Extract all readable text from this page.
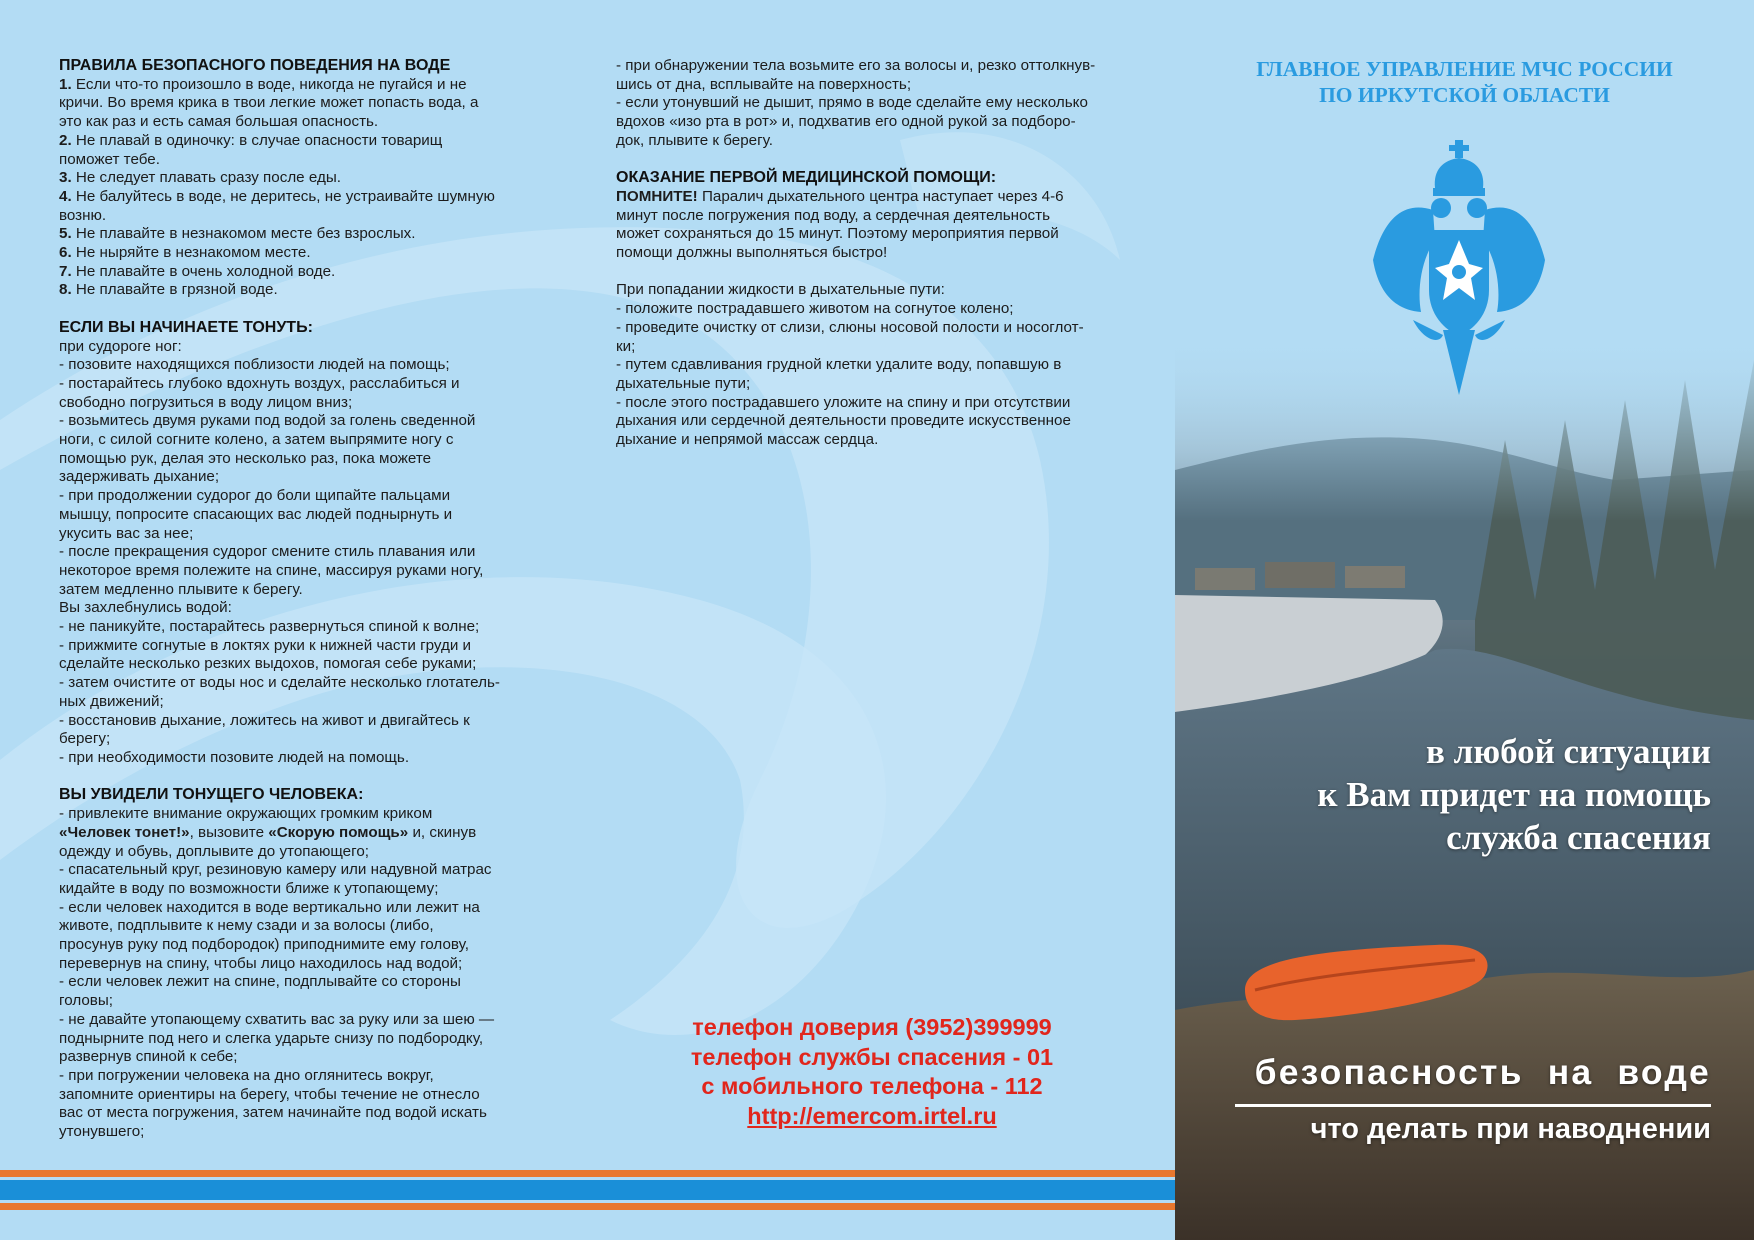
ПРАВИЛА БЕЗОПАСНОГО ПОВЕДЕНИЯ НА ВОДЕ
1. Если что-то произошло в воде, никогда не пугайся и не
кричи. Во время крика в твои легкие может попасть вода, а
это как раз и есть самая большая опасность.
2. Не плавай в одиночку: в случае опасности товарищ
поможет тебе.
3. Не следует плавать сразу после еды.
4. Не балуйтесь в воде, не деритесь, не устраивайте шумную
возню.
5. Не плавайте в незнакомом месте без взрослых.
6. Не ныряйте в незнакомом месте.
7. Не плавайте в очень холодной воде.
8. Не плавайте в грязной воде.
ЕСЛИ ВЫ НАЧИНАЕТЕ ТОНУТЬ:
при судороге ног:
- позовите находящихся поблизости людей на помощь;
- постарайтесь глубоко вдохнуть воздух, расслабиться и
свободно погрузиться в воду лицом вниз;
- возьмитесь двумя руками под водой за голень сведенной
ноги, с силой согните колено, а затем выпрямите ногу с
помощью рук, делая это несколько раз, пока можете
задерживать дыхание;
- при продолжении судорог до боли щипайте пальцами
мышцу, попросите спасающих вас людей поднырнуть и
укусить вас за нее;
- после прекращения судорог смените стиль плавания или
некоторое время полежите на спине, массируя руками ногу,
затем медленно плывите к берегу.
Вы захлебнулись водой:
- не паникуйте, постарайтесь развернуться спиной к волне;
- прижмите согнутые в локтях руки к нижней части груди и
сделайте несколько резких выдохов, помогая себе руками;
- затем очистите от воды нос и сделайте несколько глотатель-
ных движений;
- восстановив дыхание, ложитесь на живот и двигайтесь к
берегу;
- при необходимости позовите людей на помощь.
ВЫ УВИДЕЛИ ТОНУЩЕГО ЧЕЛОВЕКА:
- привлеките внимание окружающих громким криком
«Человек тонет!», вызовите «Скорую помощь» и, скинув
одежду и обувь, доплывите до утопающего;
- спасательный круг, резиновую камеру или надувной матрас
кидайте в воду по возможности ближе к утопающему;
- если человек находится в воде вертикально или лежит на
животе, подплывите к нему сзади и за волосы (либо,
просунув руку под подбородок) приподнимите ему голову,
перевернув на спину, чтобы лицо находилось над водой;
- если человек лежит на спине, подплывайте со стороны
головы;
- не давайте утопающему схватить вас за руку или за шею —
поднырните под него и слегка ударьте снизу по подбородку,
развернув спиной к себе;
- при погружении человека на дно оглянитесь вокруг,
запомните ориентиры на берегу, чтобы течение не отнесло
вас от места погружения, затем начинайте под водой искать
утонувшего;
- при обнаружении тела возьмите его за волосы и, резко оттолкнув-
шись от дна, всплывайте на поверхность;
- если утонувший не дышит, прямо в воде сделайте ему несколько
вдохов «изо рта в рот» и, подхватив его одной рукой за подборо-
док, плывите к берегу.
ОКАЗАНИЕ ПЕРВОЙ МЕДИЦИНСКОЙ ПОМОЩИ:
ПОМНИТЕ! Паралич дыхательного центра наступает через 4-6
минут после погружения под воду, а сердечная деятельность
может сохраняться до 15 минут. Поэтому мероприятия первой
помощи должны выполняться быстро!
При попадании жидкости в дыхательные пути:
- положите пострадавшего животом на согнутое колено;
- проведите очистку от слизи, слюны носовой полости и носоглот-
ки;
- путем сдавливания грудной клетки удалите воду, попавшую в
дыхательные пути;
- после этого пострадавшего уложите на спину и при отсутствии
дыхания или сердечной деятельности проведите искусственное
дыхание и непрямой массаж сердца.
телефон доверия (3952)399999
телефон службы спасения - 01
с мобильного телефона - 112
http://emercom.irtel.ru
ГЛАВНОЕ УПРАВЛЕНИЕ МЧС РОССИИ
ПО ИРКУТСКОЙ ОБЛАСТИ
в любой ситуации
к Вам придет на помощь
служба спасения
безопасность на воде
что делать при наводнении
